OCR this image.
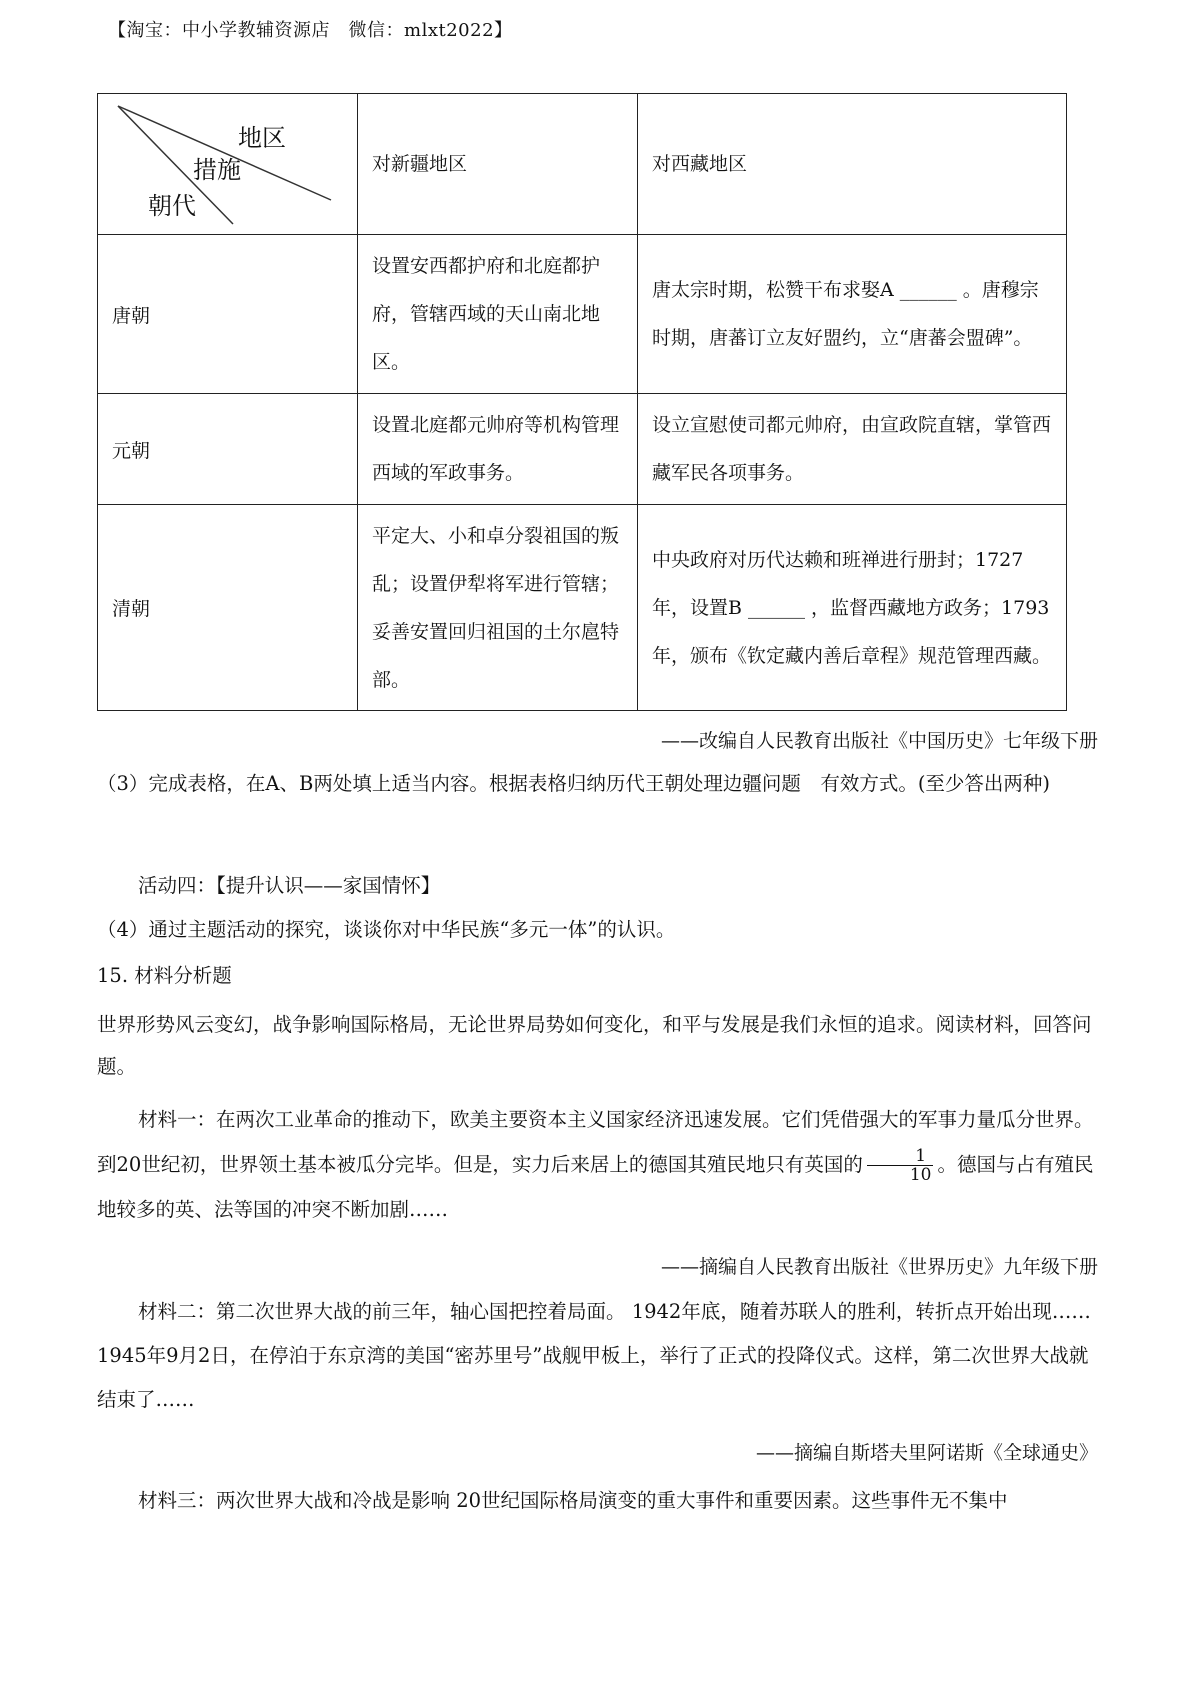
【淘宝：中小学教辅资源店　微信：mlxt2022】
地区
措施
朝代	对新疆地区	对西藏地区
唐朝	设置安西都护府和北庭都护府，管辖西域的天山南北地区。	唐太宗时期，松赞干布求娶A ______ 。唐穆宗时期，唐蕃订立友好盟约，立“唐蕃会盟碑”。
元朝	设置北庭都元帅府等机构管理西域的军政事务。	设立宣慰使司都元帅府，由宣政院直辖，掌管西藏军民各项事务。
清朝	平定大、小和卓分裂祖国的叛乱；设置伊犁将军进行管辖；妥善安置回归祖国的土尔扈特部。	中央政府对历代达赖和班禅进行册封；1727年，设置B ______ ，监督西藏地方政务；1793年，颁布《钦定藏内善后章程》规范管理西藏。
——改编自人民教育出版社《中国历史》七年级下册
（3）完成表格，在A、B两处填上适当内容。根据表格归纳历代王朝处理边疆问题　有效方式。(至少答出两种)
活动四：【提升认识——家国情怀】
（4）通过主题活动的探究，谈谈你对中华民族“多元一体”的认识。
15. 材料分析题
世界形势风云变幻，战争影响国际格局，无论世界局势如何变化，和平与发展是我们永恒的追求。阅读材料，回答问题。
材料一：在两次工业革命的推动下，欧美主要资本主义国家经济迅速发展。它们凭借强大的军事力量瓜分世界。到20世纪初，世界领土基本被瓜分完毕。但是，实力后来居上的德国其殖民地只有英国的 $\frac{1}{10}$ 。德国与占有殖民地较多的英、法等国的冲突不断加剧……
——摘编自人民教育出版社《世界历史》九年级下册
材料二：第二次世界大战的前三年，轴心国把控着局面。 1942年底，随着苏联人的胜利，转折点开始出现……1945年9月2日，在停泊于东京湾的美国“密苏里号”战舰甲板上，举行了正式的投降仪式。这样，第二次世界大战就结束了……
——摘编自斯塔夫里阿诺斯《全球通史》
材料三：两次世界大战和冷战是影响 20世纪国际格局演变的重大事件和重要因素。这些事件无不集中
